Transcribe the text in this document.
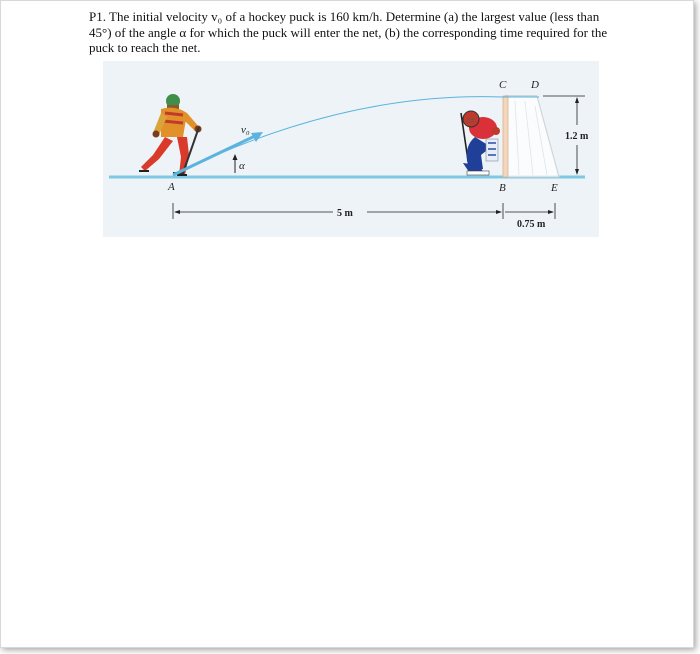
P1. The initial velocity v₀ of a hockey puck is 160 km/h. Determine (a) the largest value (less than 45°) of the angle α for which the puck will enter the net, (b) the corresponding time required for the puck to reach the net.

v₀
α
A	B
C D
E
5 m
0.75 m
1.2 m
